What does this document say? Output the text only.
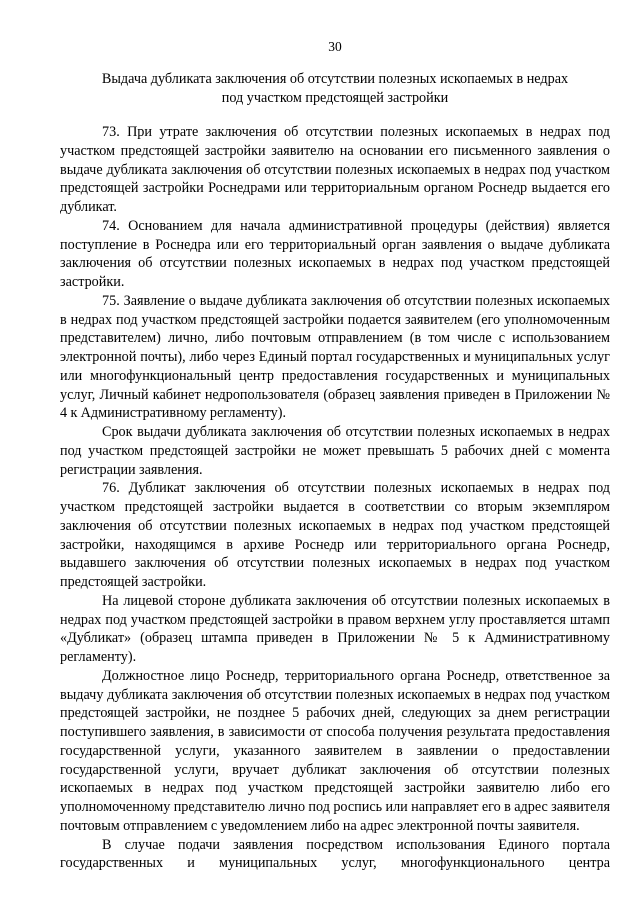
30
Выдача дубликата заключения об отсутствии полезных ископаемых в недрах
под участком предстоящей застройки

73. При утрате заключения об отсутствии полезных ископаемых в недрах под участком предстоящей застройки заявителю на основании его письменного заявления о выдаче дубликата заключения об отсутствии полезных ископаемых в недрах под участком предстоящей застройки Роснедрами или территориальным органом Роснедр выдается его дубликат.

74. Основанием для начала административной процедуры (действия) является поступление в Роснедра или его территориальный орган заявления о выдаче дубликата заключения об отсутствии полезных ископаемых в недрах под участком предстоящей застройки.

75. Заявление о выдаче дубликата заключения об отсутствии полезных ископаемых в недрах под участком предстоящей застройки подается заявителем (его уполномоченным представителем) лично, либо почтовым отправлением (в том числе с использованием электронной почты), либо через Единый портал государственных и муниципальных услуг или многофункциональный центр предоставления государственных и муниципальных услуг, Личный кабинет недропользователя (образец заявления приведен в Приложении № 4 к Административному регламенту).

Срок выдачи дубликата заключения об отсутствии полезных ископаемых в недрах под участком предстоящей застройки не может превышать 5 рабочих дней с момента регистрации заявления.

76. Дубликат заключения об отсутствии полезных ископаемых в недрах под участком предстоящей застройки выдается в соответствии со вторым экземпляром заключения об отсутствии полезных ископаемых в недрах под участком предстоящей застройки, находящимся в архиве Роснедр или территориального органа Роснедр, выдавшего заключения об отсутствии полезных ископаемых в недрах под участком предстоящей застройки.

На лицевой стороне дубликата заключения об отсутствии полезных ископаемых в недрах под участком предстоящей застройки в правом верхнем углу проставляется штамп «Дубликат» (образец штампа приведен в Приложении № 5 к Административному регламенту).

Должностное лицо Роснедр, территориального органа Роснедр, ответственное за выдачу дубликата заключения об отсутствии полезных ископаемых в недрах под участком предстоящей застройки, не позднее 5 рабочих дней, следующих за днем регистрации поступившего заявления, в зависимости от способа получения результата предоставления государственной услуги, указанного заявителем в заявлении о предоставлении государственной услуги, вручает дубликат заключения об отсутствии полезных ископаемых в недрах под участком предстоящей застройки заявителю либо его уполномоченному представителю лично под роспись или направляет его в адрес заявителя почтовым отправлением с уведомлением либо на адрес электронной почты заявителя.

В случае подачи заявления посредством использования Единого портала государственных и муниципальных услуг, многофункционального центра
